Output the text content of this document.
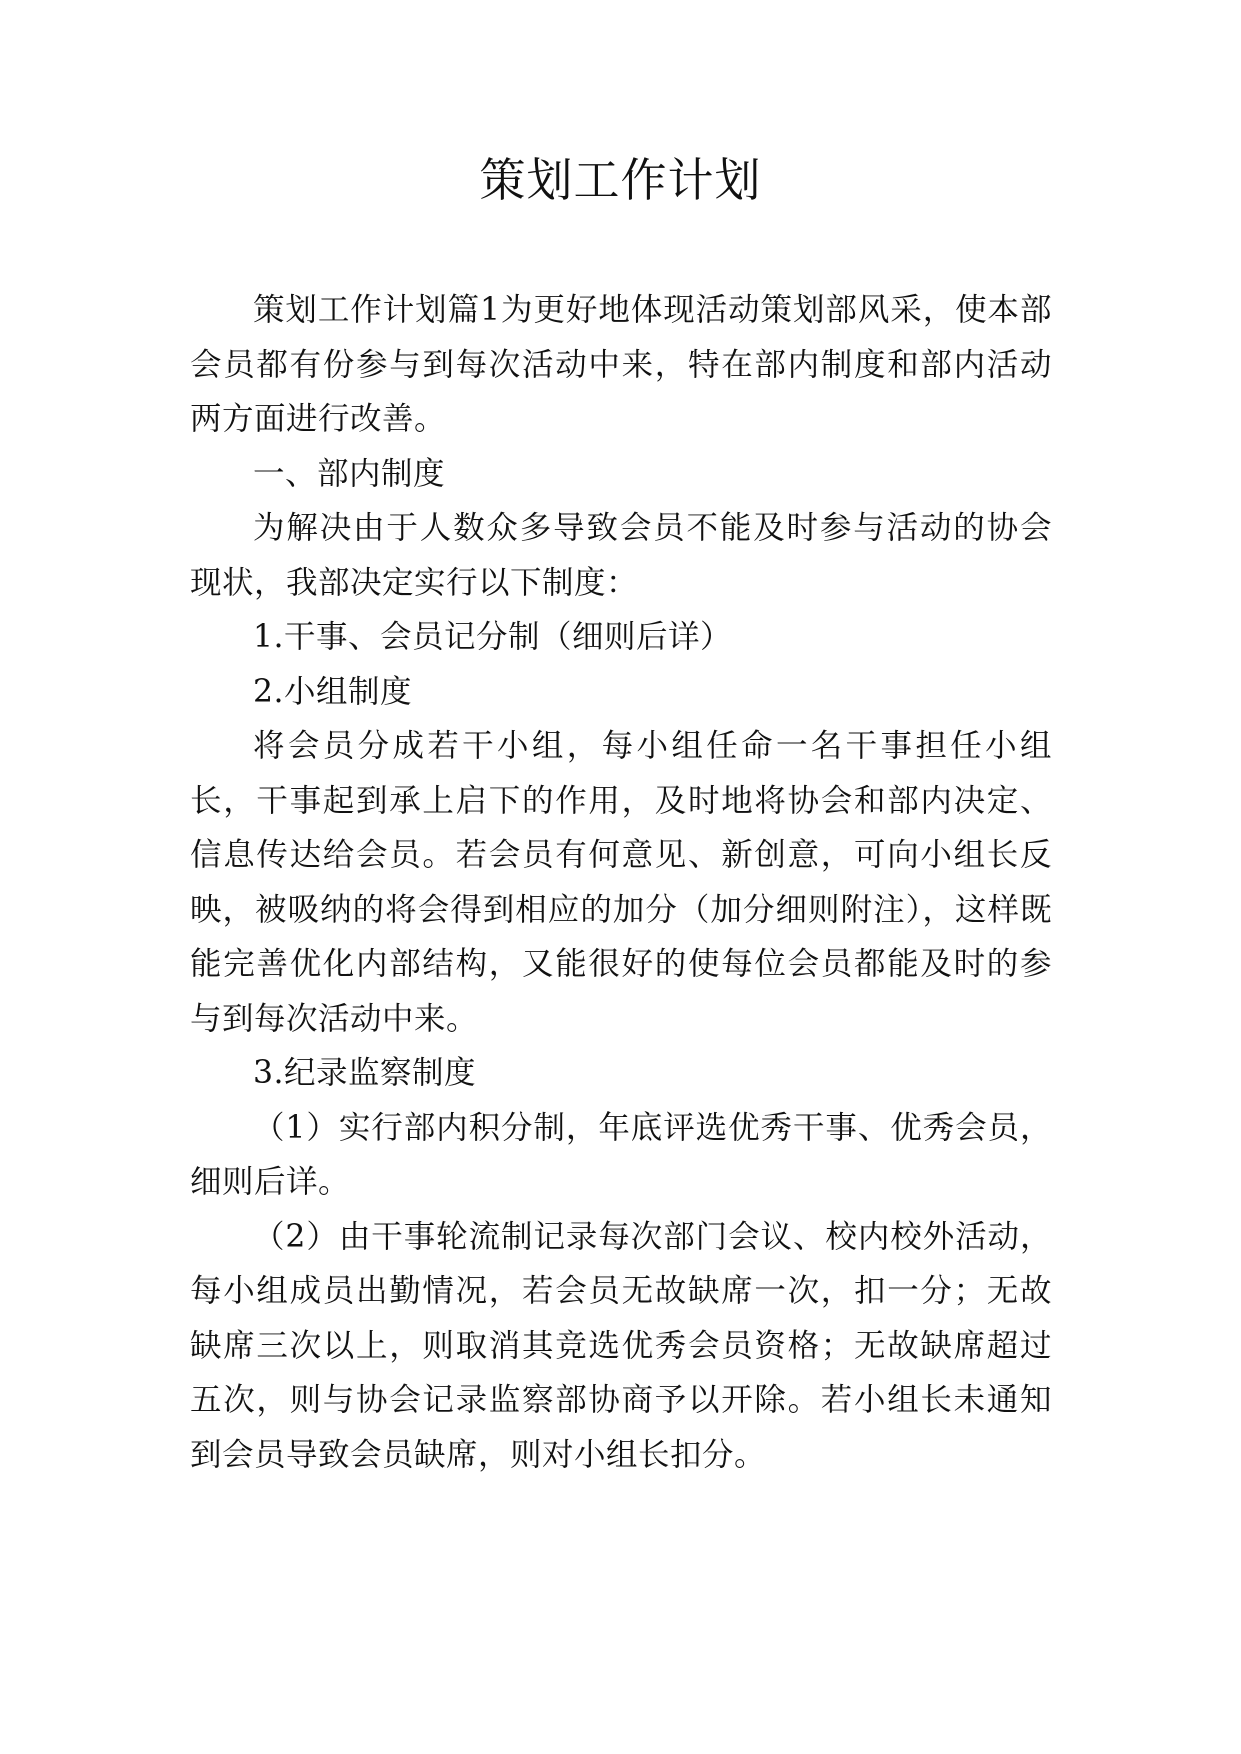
策划工作计划

策划工作计划篇1为更好地体现活动策划部风采，使本部会员都有份参与到每次活动中来，特在部内制度和部内活动两方面进行改善。

一、部内制度

为解决由于人数众多导致会员不能及时参与活动的协会现状，我部决定实行以下制度：

1.干事、会员记分制（细则后详）

2.小组制度

将会员分成若干小组，每小组任命一名干事担任小组长，干事起到承上启下的作用，及时地将协会和部内决定、信息传达给会员。若会员有何意见、新创意，可向小组长反映，被吸纳的将会得到相应的加分（加分细则附注），这样既能完善优化内部结构，又能很好的使每位会员都能及时的参与到每次活动中来。

3.纪录监察制度

（1）实行部内积分制，年底评选优秀干事、优秀会员，细则后详。

（2）由干事轮流制记录每次部门会议、校内校外活动，每小组成员出勤情况，若会员无故缺席一次，扣一分；无故缺席三次以上，则取消其竞选优秀会员资格；无故缺席超过五次，则与协会记录监察部协商予以开除。若小组长未通知到会员导致会员缺席，则对小组长扣分。
